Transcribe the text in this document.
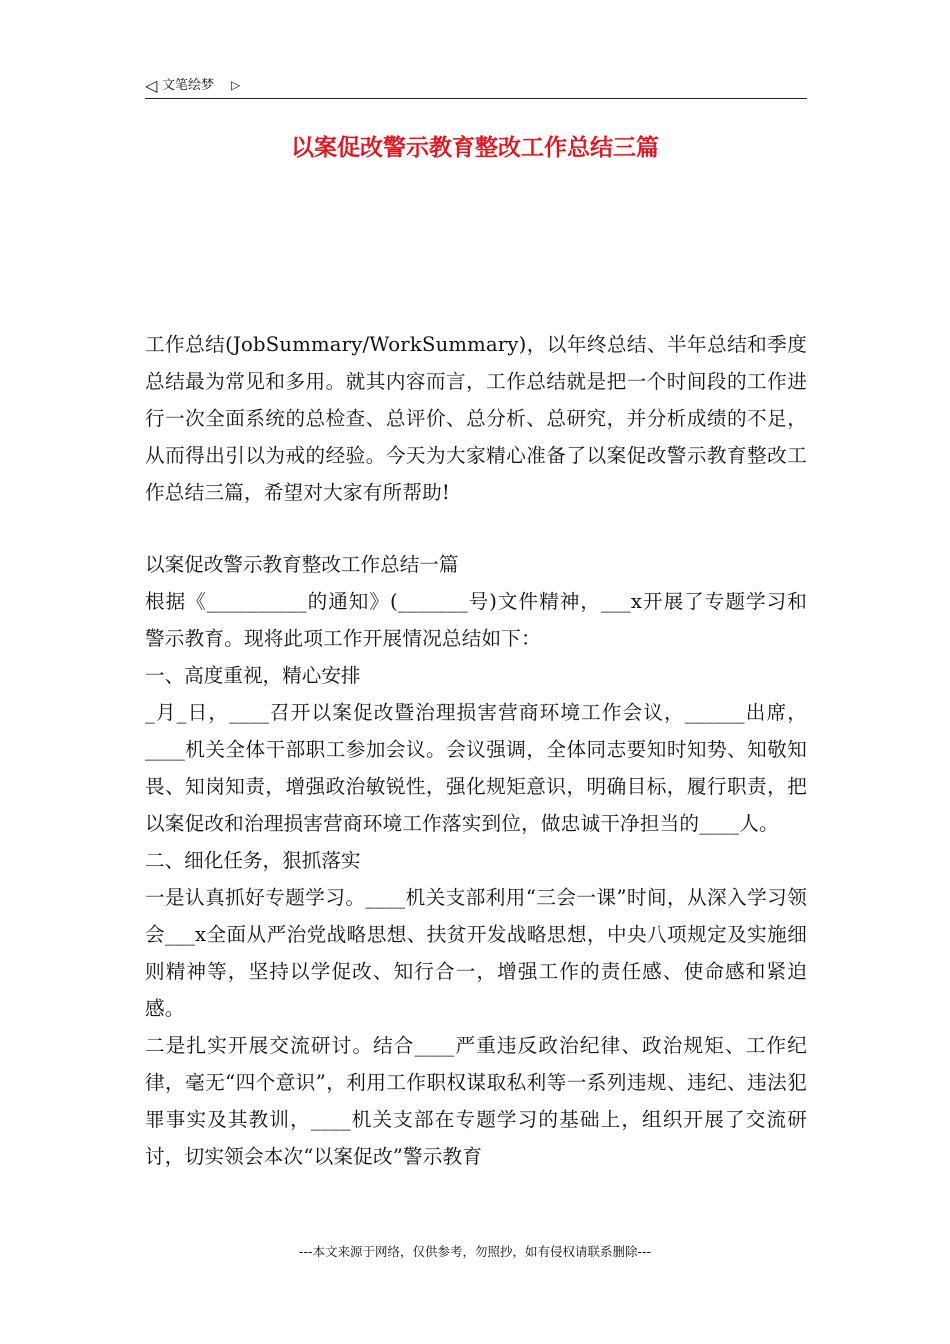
◁ 文笔绘梦 ▷
以案促改警示教育整改工作总结三篇

工作总结(JobSummary/WorkSummary)，以年终总结、半年总结和季度总结最为常见和多用。就其内容而言，工作总结就是把一个时间段的工作进行一次全面系统的总检查、总评价、总分析、总研究，并分析成绩的不足，从而得出引以为戒的经验。今天为大家精心准备了以案促改警示教育整改工作总结三篇，希望对大家有所帮助!

以案促改警示教育整改工作总结一篇

根据《__________的通知》(_______号)文件精神，___x开展了专题学习和警示教育。现将此项工作开展情况总结如下：

一、高度重视，精心安排

_月_日，____召开以案促改暨治理损害营商环境工作会议，______出席，____机关全体干部职工参加会议。会议强调，全体同志要知时知势、知敬知畏、知岗知责，增强政治敏锐性，强化规矩意识，明确目标，履行职责，把以案促改和治理损害营商环境工作落实到位，做忠诚干净担当的____人。

二、细化任务，狠抓落实

一是认真抓好专题学习。____机关支部利用“三会一课”时间，从深入学习领会___x全面从严治党战略思想、扶贫开发战略思想，中央八项规定及实施细则精神等，坚持以学促改、知行合一，增强工作的责任感、使命感和紧迫感。

二是扎实开展交流研讨。结合____严重违反政治纪律、政治规矩、工作纪律，毫无“四个意识”，利用工作职权谋取私利等一系列违规、违纪、违法犯罪事实及其教训，____机关支部在专题学习的基础上，组织开展了交流研讨，切实领会本次“以案促改”警示教育

---本文来源于网络，仅供参考，勿照抄，如有侵权请联系删除---
